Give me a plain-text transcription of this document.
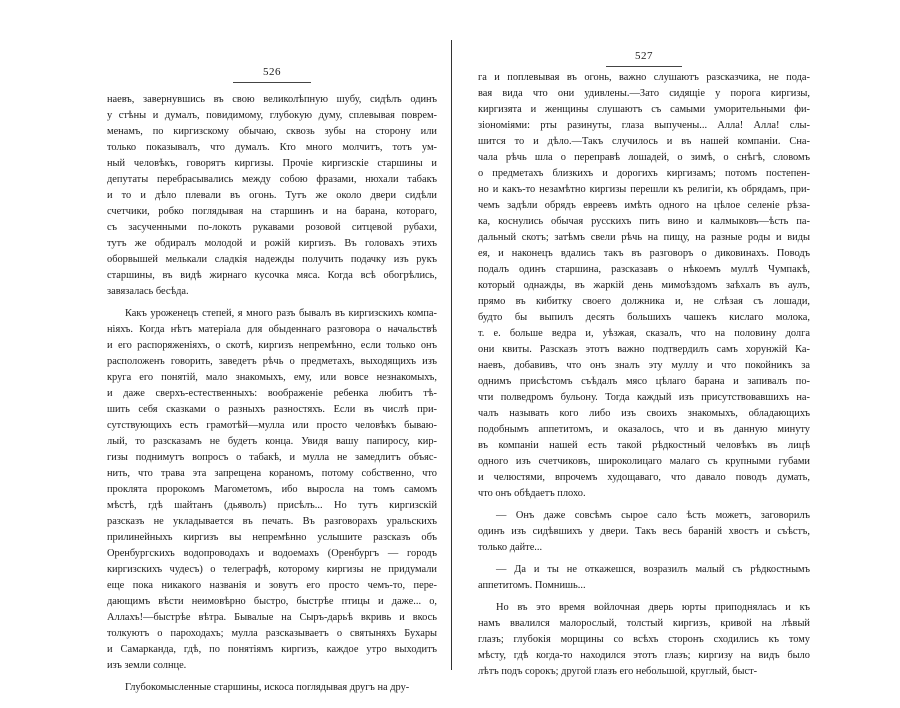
526
наевъ, завернувшись въ свою великолѣпную шубу, сидѣлъ одинъ
у стѣны и думалъ, повидимому, глубокую думу, сплевывая поврем-
менамъ, по киргизскому обычаю, сквозь зубы на сторону или
только показывалъ, что думалъ. Кто много молчитъ, тотъ ум-
ный человѣкъ, говорятъ киргизы. Прочіе киргизскіе старшины и
депутаты перебрасывались между собою фразами, нюхали табакъ
и то и дѣло плевали въ огонь. Тутъ же около двери сидѣли
счетчики, робко поглядывая на старшинъ и на барана, котораго,
съ засученными по-локоть рукавами розовой ситцевой рубахи,
тутъ же обдиралъ молодой и рожій киргизъ. Въ головахъ этихъ
оборвышей мелькали сладкія надежды получить подачку изъ рукъ
старшины, въ видѣ жирнаго кусочка мяса. Когда всѣ обогрѣлись,
завязалась бесѣда.
Какъ уроженецъ степей, я много разъ бывалъ въ киргизскихъ компа-
ніяхъ. Когда нѣтъ матеріала для обыденнаго разговора о начальствѣ
и его распоряженіяхъ, о скотѣ, киргизъ непремѣнно, если только онъ
расположенъ говорить, заведетъ рѣчь о предметахъ, выходящихъ изъ
круга его понятій, мало знакомыхъ, ему, или вовсе незнакомыхъ,
и даже сверхъ-естественныхъ: воображеніе ребенка любитъ тѣ-
шить себя сказками о разныхъ разностяхъ. Если въ числѣ при-
сутствующихъ есть грамотѣй—мулла или просто человѣкъ бываю-
лый, то разсказамъ не будетъ конца. Увидя вашу папиросу, кир-
гизы поднимутъ вопросъ о табакѣ, и мулла не замедлитъ объяс-
нить, что трава эта запрещена кораномъ, потому собственно, что
проклята пророкомъ Магометомъ, ибо выросла на томъ самомъ
мѣстѣ, гдѣ шайтанъ (дьяволъ) присѣлъ... Но тутъ киргизскій
разсказъ не укладывается въ печать. Въ разговорахъ уральскихъ
прилинейныхъ киргизъ вы непремѣнно услышите разсказъ объ
Оренбургскихъ водопроводахъ и водоемахъ (Оренбургъ — городъ
киргизскихъ чудесъ) о телеграфѣ, которому киргизы не придумали
еще пока никакого названія и зовутъ его просто чемъ-то, пере-
дающимъ вѣсти неимовѣрно быстро, быстрѣе птицы и даже... о,
Аллахъ!—быстрѣе вѣтра. Бывалые на Сыръ-дарьѣ вкривь и вкось
толкуютъ о пароходахъ; мулла разсказываетъ о святыняхъ Бухары
и Самарканда, гдѣ, по понятіямъ киргизъ, каждое утро выходитъ
изъ земли солнце.
Глубокомысленные старшины, искоса поглядывая другъ на дру-
527
га и поплевывая въ огонь, важно слушаютъ разсказчика, не пода-
вая вида что они удивлены.—Зато сидящіе у порога киргизы,
киргизята и женщины слушаютъ съ самыми уморительными фи-
зіономіями: рты разинуты, глаза выпучены... Алла! Алла! слы-
шится то и дѣло.—Такъ случилось и въ нашей компаніи. Сна-
чала рѣчь шла о переправѣ лошадей, о зимѣ, о снѣгѣ, словомъ
о предметахъ близкихъ и дорогихъ киргизамъ; потомъ постепен-
но и какъ-то незамѣтно киргизы перешли къ религіи, къ обрядамъ, при-
чемъ задѣли обрядъ евреевъ имѣть одного на цѣлое селеніе рѣза-
ка, коснулись обычая русскихъ пить вино и калмыковъ—ѣсть па-
дальный скотъ; затѣмъ свели рѣчь на пищу, на разные роды и виды
ея, и наконецъ вдались такъ въ разговоръ о диковинахъ. Поводъ
подалъ одинъ старшина, разсказавъ о нѣкоемъ муллѣ Чумпакѣ,
который однажды, въ жаркій день мимоѣздомъ заѣхалъ въ аулъ,
прямо въ кибитку своего должника и, не слѣзая съ лошади,
будто бы выпилъ десять большихъ чашекъ кислаго молока,
т. е. больше ведра и, уѣзжая, сказалъ, что на половину долга
они квиты. Разсказъ этотъ важно подтвердилъ самъ хорунжій Ка-
наевъ, добавивъ, что онъ зналъ эту муллу и что покойникъ за
однимъ присѣстомъ съѣдалъ мясо цѣлаго барана и запивалъ по-
чти полведромъ бульону. Тогда каждый изъ присутствовавшихъ на-
чалъ называть кого либо изъ своихъ знакомыхъ, обладающихъ
подобнымъ аппетитомъ, и оказалось, что и въ данную минуту
въ компаніи нашей есть такой рѣдкостный человѣкъ въ лицѣ
одного изъ счетчиковъ, широколицаго малаго съ крупными губами
и челюстями, впрочемъ худощаваго, что давало поводъ думать,
что онъ обѣдаетъ плохо.
— Онъ даже совсѣмъ сырое сало ѣсть можетъ, заговорилъ
одинъ изъ сидѣвшихъ у двери. Такъ весь бараній хвостъ и съѣстъ,
только дайте...
— Да и ты не откажешся, возразилъ малый съ рѣдкостнымъ
аппетитомъ. Помнишь...
Но въ это время войлочная дверь юрты приподнялась и къ
намъ ввалился малорослый, толстый киргизъ, кривой на лѣвый
глазъ; глубокія морщины со всѣхъ сторонъ сходились къ тому
мѣсту, гдѣ когда-то находился этотъ глазъ; киргизу на видъ было
лѣтъ подъ сорокъ; другой глазъ его небольшой, круглый, быст-
